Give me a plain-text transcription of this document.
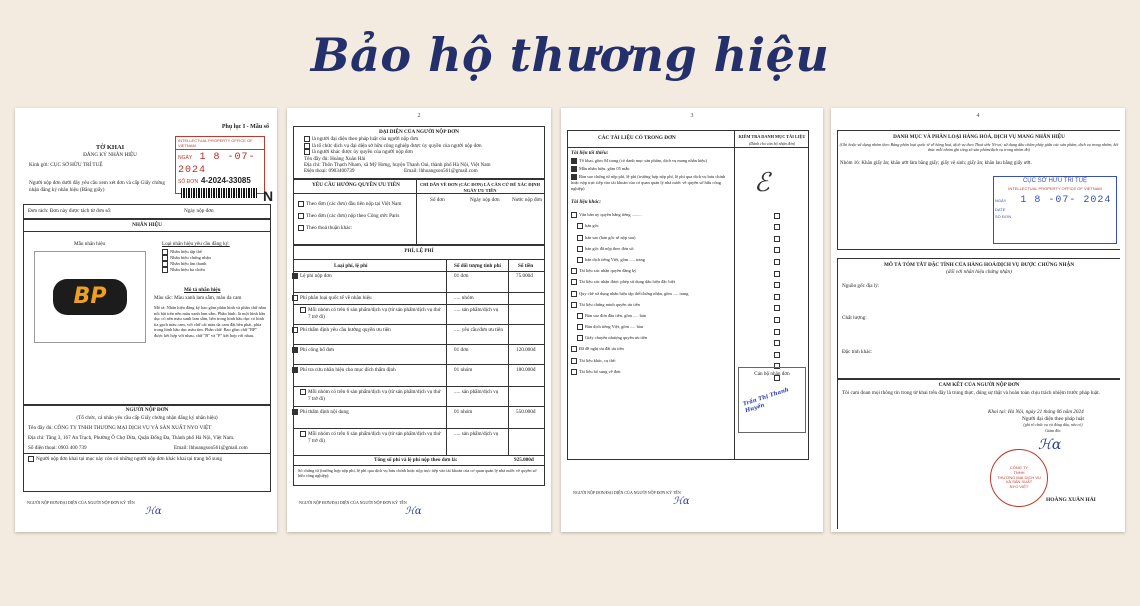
Bảo hộ thương hiệu
Phụ lục I - Mẫu số
INTELLECTUAL PROPERTY OFFICE OF VIETNAM
NGÀY 1 8 -07- 2024
SỐ ĐƠN 4-2024-33085
N
TỜ KHAI
ĐĂNG KÝ NHÃN HIỆU
Kính gửi: CỤC SỞ HỮU TRÍ TUỆ
Người nộp đơn dưới đây yêu cầu xem xét đơn và cấp Giấy chứng nhận đăng ký nhãn hiệu (Bằng giấy)
Đơn tách: Đơn này được tách từ đơn số:	Ngày nộp đơn
NHÃN HIỆU
Mẫu nhãn hiệu
BP
Loại nhãn hiệu yêu cầu đăng ký:
Nhãn hiệu tập thể
Nhãn hiệu chứng nhận
Nhãn hiệu âm thanh
Nhãn hiệu ba chiều
Mô tả nhãn hiệu
Màu sắc: Màu xanh lam sẫm, màu da cam
Mô tả: Nhãn hiệu đăng ký bao gồm phần hình và phần chữ nằm nổi bật trên nền màu xanh lam sẫm. Phần hình: là một hình bầu dục có nền màu xanh lam sẫm, bên trong hình bầu dục có hình tia gạch màu cam, với chữ cái màu da cam đặt bên phải, phía trong hình bầu dục màu tím. Phần chữ: Bao gồm chữ "BP" được kết hợp với nhau, chữ "B" và "P" kết hợp với nhau.
NGƯỜI NỘP ĐƠN
(Tổ chức, cá nhân yêu cầu cấp Giấy chứng nhận đăng ký nhãn hiệu)
Tên đầy đủ: CÔNG TY TNHH THƯƠNG MẠI DỊCH VỤ VÀ SẢN XUẤT NYO VIỆT
Địa chỉ: Tầng 3, 167 An Trạch, Phường Ô Chợ Dừa, Quận Đống Đa, Thành phố Hà Nội, Việt Nam.
Số điện thoại: 0903 400 739	Email: lhhoangson561@gmail.com
Người nộp đơn khai tại mục này còn có những người nộp đơn khác khai tại trang bổ sung
NGƯỜI NỘP ĐƠN/ĐẠI DIỆN CỦA NGƯỜI NỘP ĐƠN KÝ TÊN
ℋα
2
ĐẠI DIỆN CỦA NGƯỜI NỘP ĐƠN
là người đại diện theo pháp luật của người nộp đơn
là tổ chức dịch vụ đại diện sở hữu công nghiệp được ủy quyền của người nộp đơn
là người khác được ủy quyền của người nộp đơn
Tên đầy đủ: Hoàng Xuân Hải
Địa chỉ: Thôn Thạch Nham, xã Mỹ Hưng, huyện Thanh Oai, thành phố Hà Nội, Việt Nam
Điện thoại: 0903400739	Email: lhhoangson561@gmail.com
YÊU CẦU HƯỞNG QUYỀN ƯU TIÊN	CHỈ DẪN VỀ ĐƠN (CÁC ĐƠN) LÀ CĂN CỨ ĐỂ XÁC ĐỊNH NGÀY ƯU TIÊN
Số đơn	Ngày nộp đơn Nước nộp đơn
Theo đơn (các đơn) đầu tiên nộp tại Việt Nam
Theo đơn (các đơn) nộp theo Công ước Paris
Theo thoả thuận khác:
PHÍ, LỆ PHÍ
Loại phí, lệ phí	Số đối tượng tính phí	Số tiền
Lệ phí nộp đơn	01 đơn	75.000đ
Phí phân loại quốc tế về nhãn hiệu	..... nhóm
Mỗi nhóm có trên 6 sản phẩm/dịch vụ (từ sản phẩm/dịch vụ thứ 7 trở đi)
..... sản phẩm/dịch vụ
Phí thẩm định yêu cầu hưởng quyền ưu tiên	..... yêu cầu/đơn ưu tiên
Phí công bố đơn	01 đơn	120.000đ
Phí tra cứu nhãn hiệu cho mục đích thẩm định	01 nhóm	180.000đ
Mỗi nhóm có trên 6 sản phẩm/dịch vụ (từ sản phẩm/dịch vụ thứ 7 trở đi)
..... sản phẩm/dịch vụ
Phí thẩm định nội dung	01 nhóm	550.000đ
Mỗi nhóm có trên 6 sản phẩm/dịch vụ (từ sản phẩm/dịch vụ thứ 7 trở đi)
..... sản phẩm/dịch vụ
Tổng số phí và lệ phí nộp theo đơn là:	925.000đ
Số chứng từ (trường hợp nộp phí, lệ phí qua dịch vụ bưu chính hoặc nộp trực tiếp vào tài khoản của cơ quan quản lý nhà nước về quyền sở hữu công nghiệp):
NGƯỜI NỘP ĐƠN/ĐẠI DIỆN CỦA NGƯỜI NỘP ĐƠN KÝ TÊN
ℋα
3
CÁC TÀI LIỆU CÓ TRONG ĐƠN	KIỂM TRA DANH MỤC TÀI LIỆU
(Dành cho cán bộ nhận đơn)
Tài liệu tối thiểu:
Tờ khai, gồm 04 trang (có danh mục sản phẩm, dịch vụ mang nhãn hiệu)
Mẫu nhãn hiệu, gồm 05 mẫu
Bản sao chứng từ nộp phí, lệ phí (trường hợp nộp phí, lệ phí qua dịch vụ bưu chính hoặc nộp trực tiếp vào tài khoản của cơ quan quản lý nhà nước về quyền sở hữu công nghiệp)	ℰ
Tài liệu khác:
Văn bản uỷ quyền bằng tiếng .........
bản gốc
bản sao (bản gốc sẽ nộp sau)
bản gốc đã nộp theo đơn số:
bản dịch tiếng Việt, gồm ..... trang
Tài liệu xác nhận quyền đăng ký
Tài liệu xác nhận được phép sử dụng dấu hiệu đặc biệt
Quy chế sử dụng nhãn hiệu tập thể/chứng nhận, gồm ..... trang
Tài liệu chứng minh quyền ưu tiên
Bản sao đơn đầu tiên, gồm ..... bản
Bản dịch tiếng Việt, gồm ..... bản
Giấy chuyển nhượng quyền ưu tiên
Đã đề nghị ưu đãi ưu tiên
Tài liệu khác, cụ thể:
Tài liệu bổ sung về đơn	Cán bộ nhận đơn
Trần Thị Thanh Huyền
NGƯỜI NỘP ĐƠN/ĐẠI DIỆN CỦA NGƯỜI NỘP ĐƠN KÝ TÊN
ℋα
4
DANH MỤC VÀ PHÂN LOẠI HÀNG HOÁ, DỊCH VỤ MANG NHÃN HIỆU
(Ghi hoặc sử dụng nhóm theo Bảng phân loại quốc tế về hàng hoá, dịch vụ theo Thoả ước Ni-xơ; sử dụng dấu chấm phẩy giữa các sản phẩm, dịch vụ trong nhóm; kết thúc mỗi nhóm ghi tổng số sản phẩm/dịch vụ trong nhóm đó)
Nhóm 16: Khăn giấy ăn; khăn ướt làm bằng giấy; giấy vệ sinh; giấy ăn; khăn lau bằng giấy ướt.
CỤC SỞ HỮU TRÍ TUỆ
INTELLECTUAL PROPERTY OFFICE OF VIETNAM
NGÀY 1 8 -07- 2024
DATE
SỐ ĐƠN
MÔ TẢ TÓM TẮT ĐẶC TÍNH CỦA HÀNG HOÁ/DỊCH VỤ ĐƯỢC CHỨNG NHẬN
(đối với nhãn hiệu chứng nhận)
Nguồn gốc địa lý:
Chất lượng:
Đặc tính khác:
CAM KẾT CỦA NGƯỜI NỘP ĐƠN
Tôi cam đoan mọi thông tin trong tờ khai trên đây là trung thực, đúng sự thật và hoàn toàn chịu trách nhiệm trước pháp luật.
Khai tại: Hà Nội, ngày 21 tháng 06 năm 2024
Người đại diện theo pháp luật
(ghi rõ chức vụ và đóng dấu, nếu có)
Giám đốc
CÔNG TY
TNHH
THƯƠNG MẠI DỊCH VỤ
VÀ SẢN XUẤT
NYO VIỆT
ℋα
HOÀNG XUÂN HẢI
